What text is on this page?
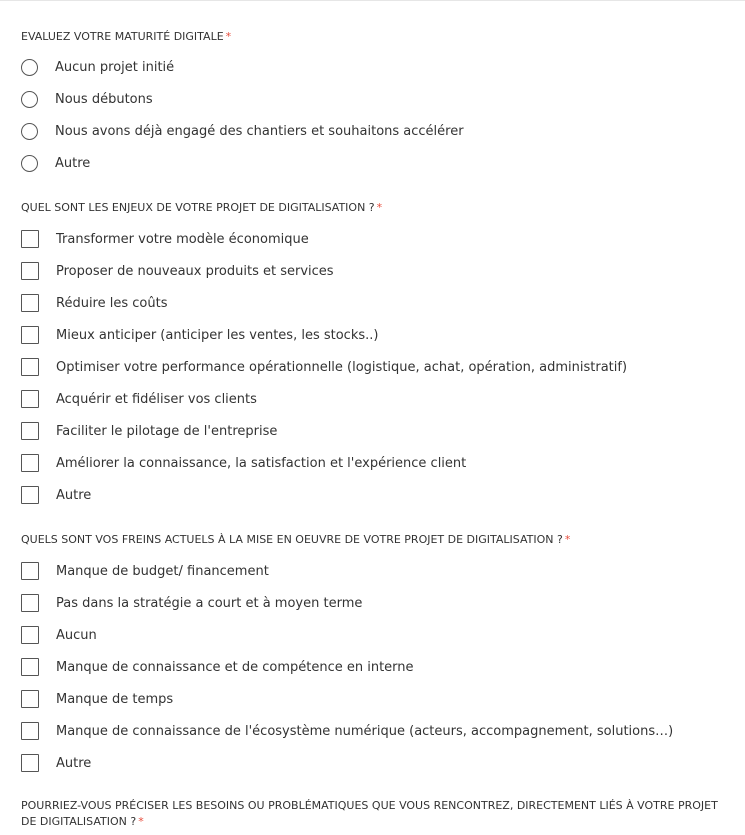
EVALUEZ VOTRE MATURITÉ DIGITALE *

Aucun projet initié
Nous débutons
Nous avons déjà engagé des chantiers et souhaitons accélérer
Autre

QUEL SONT LES ENJEUX DE VOTRE PROJET DE DIGITALISATION ? *

Transformer votre modèle économique
Proposer de nouveaux produits et services
Réduire les coûts
Mieux anticiper (anticiper les ventes, les stocks..)
Optimiser votre performance opérationnelle (logistique, achat, opération, administratif)
Acquérir et fidéliser vos clients
Faciliter le pilotage de l'entreprise
Améliorer la connaissance, la satisfaction et l'expérience client
Autre

QUELS SONT VOS FREINS ACTUELS À LA MISE EN OEUVRE DE VOTRE PROJET DE DIGITALISATION ? *

Manque de budget/ financement
Pas dans la stratégie a court et à moyen terme
Aucun
Manque de connaissance et de compétence en interne
Manque de temps
Manque de connaissance de l'écosystème numérique (acteurs, accompagnement, solutions…)
Autre

POURRIEZ-VOUS PRÉCISER LES BESOINS OU PROBLÉMATIQUES QUE VOUS RENCONTREZ, DIRECTEMENT LIÉS À VOTRE PROJET DE DIGITALISATION ? *
